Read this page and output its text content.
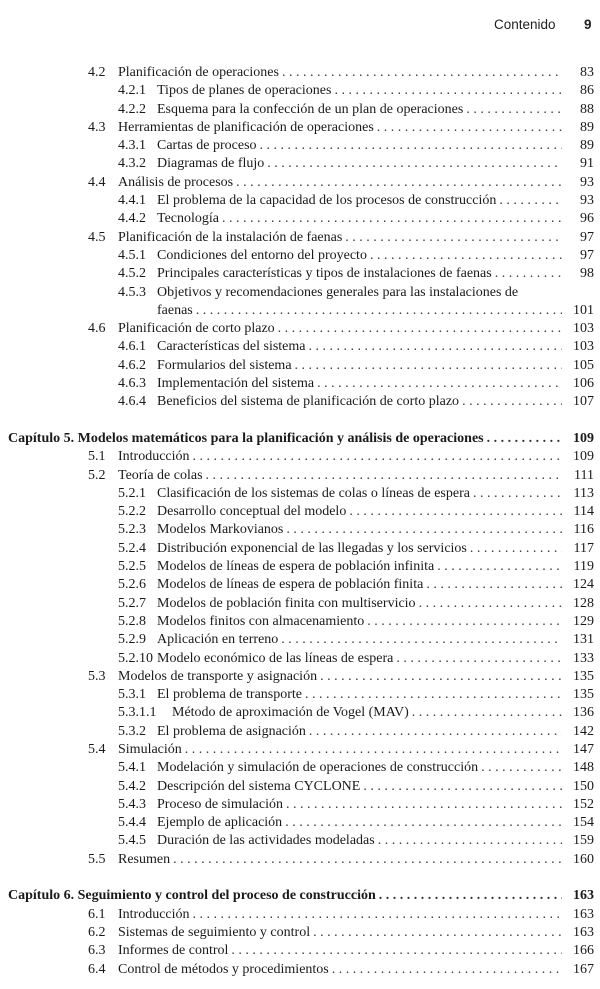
Contenido 9
4.2 Planificación de operaciones . . .	83
4.2.1 Tipos de planes de operaciones . . .	86
4.2.2 Esquema para la confección de un plan de operaciones . . .	88
4.3 Herramientas de planificación de operaciones . . .	89
4.3.1 Cartas de proceso . . .	89
4.3.2 Diagramas de flujo . . .	91
4.4 Análisis de procesos . . .	93
4.4.1 El problema de la capacidad de los procesos de construcción . . .	93
4.4.2 Tecnología . . .	96
4.5 Planificación de la instalación de faenas . . .	97
4.5.1 Condiciones del entorno del proyecto . . .	97
4.5.2 Principales características y tipos de instalaciones de faenas . . .	98
4.5.3 Objetivos y recomendaciones generales para las instalaciones de
faenas . . .	101
4.6 Planificación de corto plazo . . .	103
4.6.1 Características del sistema . . .	103
4.6.2 Formularios del sistema . . .	105
4.6.3 Implementación del sistema . . .	106
4.6.4 Beneficios del sistema de planificación de corto plazo . . .	107
Capítulo 5. Modelos matemáticos para la planificación y análisis de operaciones . . .	109
5.1 Introducción . . .	109
5.2 Teoría de colas . . .	111
5.2.1 Clasificación de los sistemas de colas o líneas de espera . . .	113
5.2.2 Desarrollo conceptual del modelo . . .	114
5.2.3 Modelos Markovianos . . .	116
5.2.4 Distribución exponencial de las llegadas y los servicios . . .	117
5.2.5 Modelos de líneas de espera de población infinita . . .	119
5.2.6 Modelos de líneas de espera de población finita . . .	124
5.2.7 Modelos de población finita con multiservicio . . .	128
5.2.8 Modelos finitos con almacenamiento . . .	129
5.2.9 Aplicación en terreno . . .	131
5.2.10 Modelo económico de las líneas de espera . . .	133
5.3 Modelos de transporte y asignación . . .	135
5.3.1 El problema de transporte . . .	135
5.3.1.1 Método de aproximación de Vogel (MAV) . . .	136
5.3.2 El problema de asignación . . .	142
5.4 Simulación . . .	147
5.4.1 Modelación y simulación de operaciones de construcción . . .	148
5.4.2 Descripción del sistema CYCLONE . . .	150
5.4.3 Proceso de simulación . . .	152
5.4.4 Ejemplo de aplicación . . .	154
5.4.5 Duración de las actividades modeladas . . .	159
5.5 Resumen . . .	160
Capítulo 6. Seguimiento y control del proceso de construcción . . .	163
6.1 Introducción . . .	163
6.2 Sistemas de seguimiento y control . . .	163
6.3 Informes de control . . .	166
6.4 Control de métodos y procedimientos . . .	167
